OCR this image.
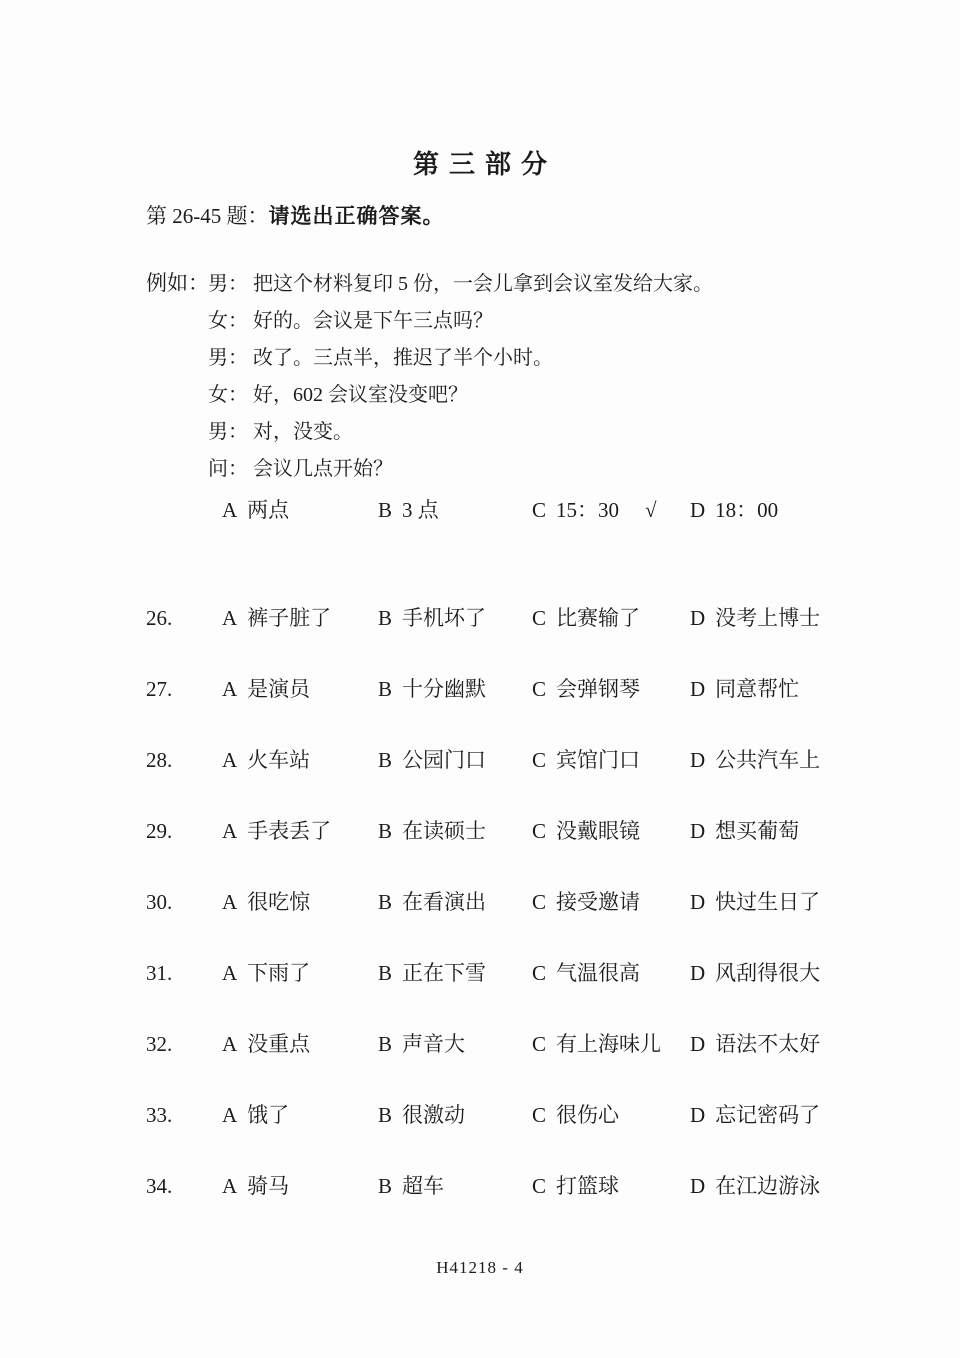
第三部分

第 26-45 题：请选出正确答案。

例如： 男： 把这个材料复印 5 份，一会儿拿到会议室发给大家。
女： 好的。会议是下午三点吗？
男： 改了。三点半，推迟了半个小时。
女： 好，602 会议室没变吧？
男： 对，没变。
问： 会议几点开始？
A 两点	B 3 点	C 15：30	D 18：00
√
26. A 裤子脏了 B 手机坏了 C 比赛输了 D 没考上博士
27. A 是演员	B 十分幽默 C 会弹钢琴 D 同意帮忙
28. A 火车站	B 公园门口 C 宾馆门口 D 公共汽车上
29. A 手表丢了 B 在读硕士 C 没戴眼镜 D 想买葡萄
30. A 很吃惊	B 在看演出 C 接受邀请 D 快过生日了
31. A 下雨了	B 正在下雪 C 气温很高 D 风刮得很大
32. A 没重点	B 声音大	C 有上海味儿 D 语法不太好
33. A 饿了	B 很激动	C 很伤心	D 忘记密码了
34. A 骑马	B 超车	C 打篮球	D 在江边游泳
H41218 - 4
